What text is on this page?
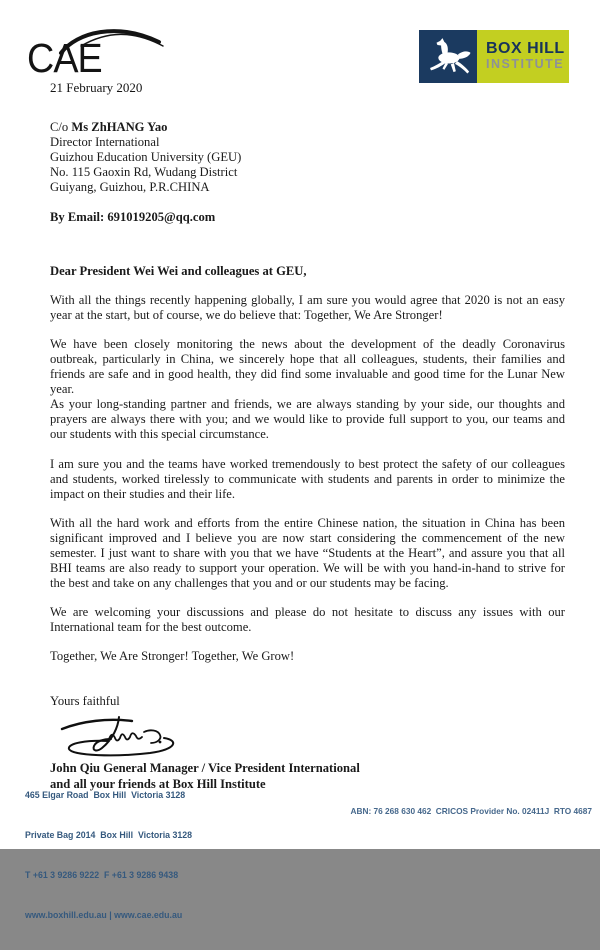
CAE
21 February 2020
BOX HILL
INSTITUTE
C/o Ms ZhHANG Yao
Director International
Guizhou Education University (GEU)
No. 115 Gaoxin Rd, Wudang District
Guiyang, Guizhou, P.R.CHINA
By Email: 691019205@qq.com
Dear President Wei Wei and colleagues at GEU,
With all the things recently happening globally, I am sure you would agree that 2020 is not an easy year at the start, but of course, we do believe that: Together, We Are Stronger!
We have been closely monitoring the news about the development of the deadly Coronavirus outbreak, particularly in China, we sincerely hope that all colleagues, students, their families and friends are safe and in good health, they did find some invaluable and good time for the Lunar New year.
As your long-standing partner and friends, we are always standing by your side, our thoughts and prayers are always there with you; and we would like to provide full support to you, our teams and our students with this special circumstance.
I am sure you and the teams have worked tremendously to best protect the safety of our colleagues and students, worked tirelessly to communicate with students and parents in order to minimize the impact on their studies and their life.
With all the hard work and efforts from the entire Chinese nation, the situation in China has been significant improved and I believe you are now start considering the commencement of the new semester. I just want to share with you that we have “Students at the Heart”, and assure you that all BHI teams are also ready to support your operation. We will be with you hand-in-hand to strive for the best and take on any challenges that you and or our students may be facing.
We are welcoming your discussions and please do not hesitate to discuss any issues with our International team for the best outcome.
Together, We Are Stronger! Together, We Grow!
Yours faithful
John Qiu General Manager / Vice President International
and all your friends at Box Hill Institute

465 Elgar Road  Box Hill  Victoria 3128

Private Bag 2014  Box Hill  Victoria 3128

T +61 3 9286 9222  F +61 3 9286 9438

www.boxhill.edu.au | www.cae.edu.au

ABN: 76 268 630 462  CRICOS Provider No. 02411J  RTO 4687
